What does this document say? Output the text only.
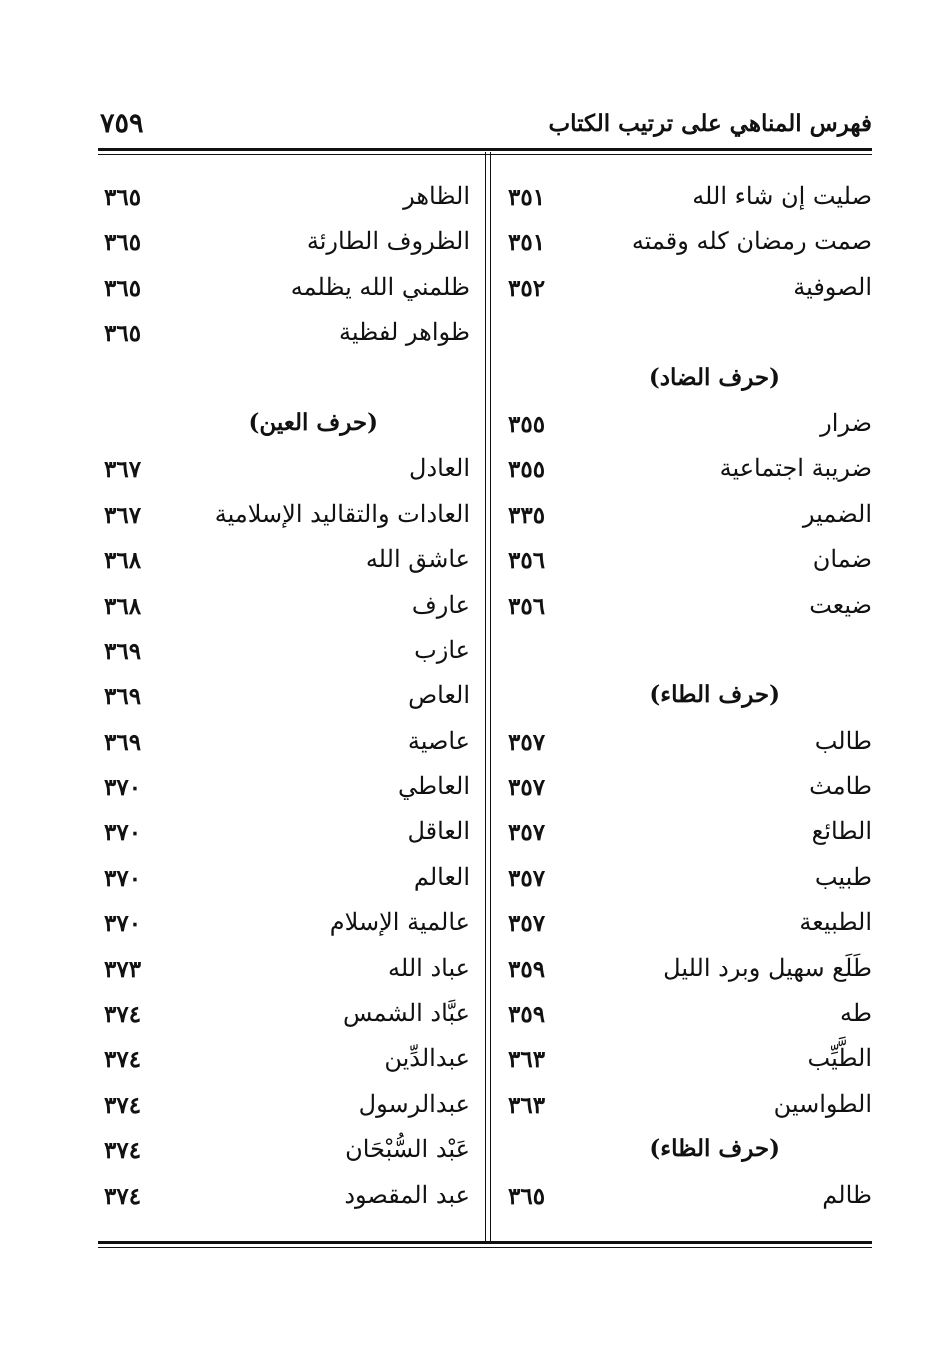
فهرس المناهي على ترتيب الكتاب
٧٥٩
صليت إن شاء الله
٣٥١
صمت رمضان كله وقمته
٣٥١
الصوفية
٣٥٢
(حرف الضاد)
ضرار
٣٥٥
ضريبة اجتماعية
٣٥٥
الضمير
٣٣٥
ضمان
٣٥٦
ضيعت
٣٥٦
(حرف الطاء)
طالب
٣٥٧
طامث
٣٥٧
الطائع
٣٥٧
طبيب
٣٥٧
الطبيعة
٣٥٧
طَلَع سهيل وبرد الليل
٣٥٩
طه
٣٥٩
الطَّيِّب
٣٦٣
الطواسين
٣٦٣
(حرف الظاء)
ظالم
٣٦٥
الظاهر
٣٦٥
الظروف الطارئة
٣٦٥
ظلمني الله يظلمه
٣٦٥
ظواهر لفظية
٣٦٥
(حرف العين)
العادل
٣٦٧
العادات والتقاليد الإسلامية
٣٦٧
عاشق الله
٣٦٨
عارف
٣٦٨
عازب
٣٦٩
العاص
٣٦٩
عاصية
٣٦٩
العاطي
٣٧٠
العاقل
٣٧٠
العالم
٣٧٠
عالمية الإسلام
٣٧٠
عباد الله
٣٧٣
عبَّاد الشمس
٣٧٤
عبدالدِّين
٣٧٤
عبدالرسول
٣٧٤
عَبْد السُّبْحَان
٣٧٤
عبد المقصود
٣٧٤
